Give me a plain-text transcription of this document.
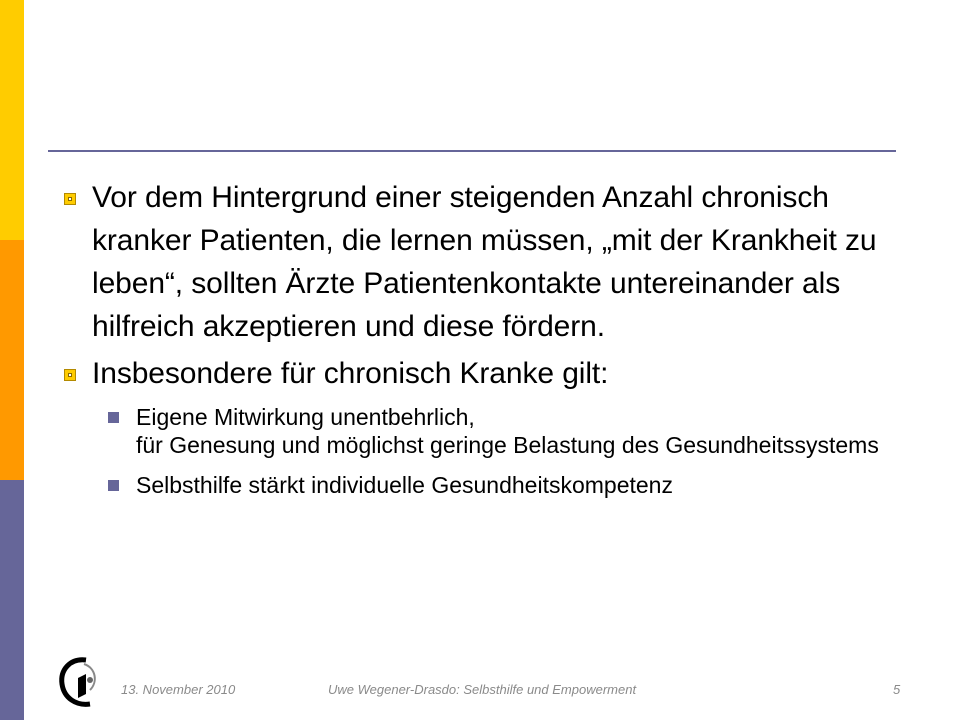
Vor dem Hintergrund einer steigenden Anzahl chronisch kranker Patienten, die lernen müssen, „mit der Krankheit zu leben“, sollten Ärzte Patientenkontakte untereinander als hilfreich akzeptieren und diese fördern.
Insbesondere für chronisch Kranke gilt:
Eigene Mitwirkung unentbehrlich,
für Genesung und möglichst geringe Belastung des Gesundheitssystems
Selbsthilfe stärkt individuelle Gesundheitskompetenz
13. November 2010	Uwe Wegener-Drasdo: Selbsthilfe und Empowerment	5
